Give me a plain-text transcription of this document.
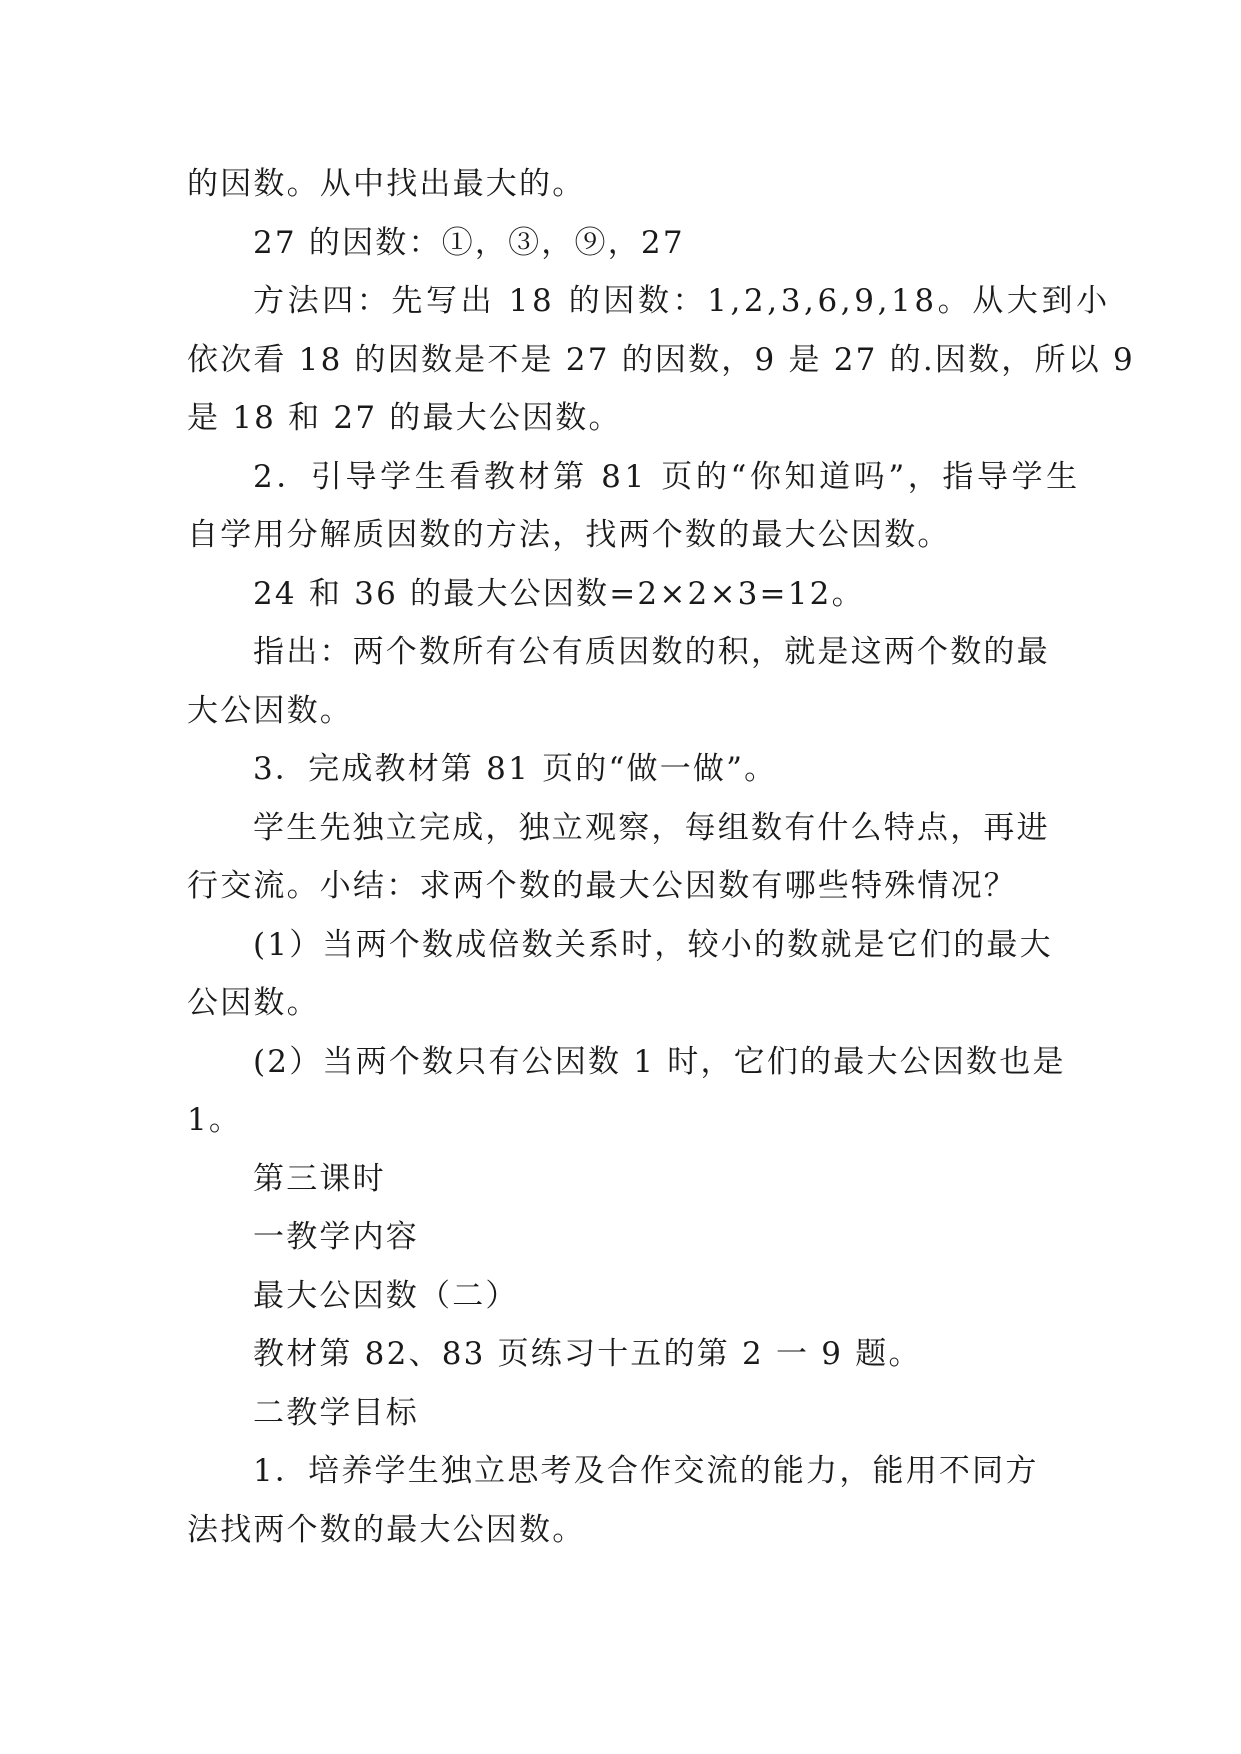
的因数。从中找出最大的。
27 的因数：①，③，⑨，27
方法四：先写出 18 的因数：1,2,3,6,9,18。从大到小
依次看 18 的因数是不是 27 的因数，9 是 27 的.因数，所以 9
是 18 和 27 的最大公因数。
2．引导学生看教材第 81 页的“你知道吗”，指导学生
自学用分解质因数的方法，找两个数的最大公因数。
24 和 36 的最大公因数=2×2×3=12。
指出：两个数所有公有质因数的积，就是这两个数的最
大公因数。
3．完成教材第 81 页的“做一做”。
学生先独立完成，独立观察，每组数有什么特点，再进
行交流。小结：求两个数的最大公因数有哪些特殊情况？
(1）当两个数成倍数关系时，较小的数就是它们的最大
公因数。
(2）当两个数只有公因数 1 时，它们的最大公因数也是
1。
第三课时
一教学内容
最大公因数（二）
教材第 82、83 页练习十五的第 2 一 9 题。
二教学目标
1．培养学生独立思考及合作交流的能力，能用不同方
法找两个数的最大公因数。
